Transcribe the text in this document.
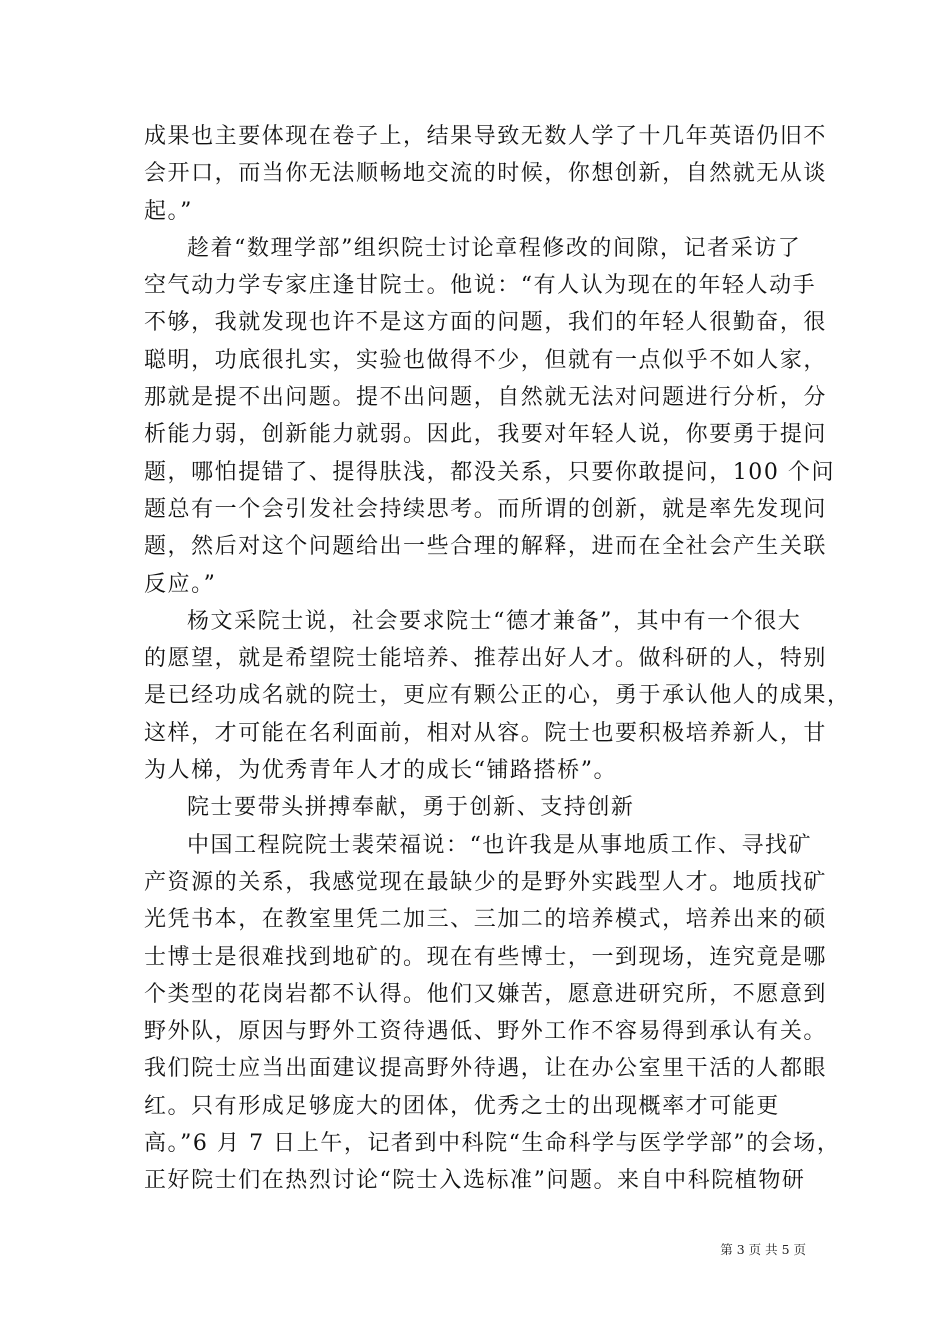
成果也主要体现在卷子上，结果导致无数人学了十几年英语仍旧不
会开口，而当你无法顺畅地交流的时候，你想创新，自然就无从谈
起。”
趁着“数理学部”组织院士讨论章程修改的间隙，记者采访了
空气动力学专家庄逢甘院士。他说：“有人认为现在的年轻人动手
不够，我就发现也许不是这方面的问题，我们的年轻人很勤奋，很
聪明，功底很扎实，实验也做得不少，但就有一点似乎不如人家，
那就是提不出问题。提不出问题，自然就无法对问题进行分析，分
析能力弱，创新能力就弱。因此，我要对年轻人说，你要勇于提问
题，哪怕提错了、提得肤浅，都没关系，只要你敢提问，100 个问
题总有一个会引发社会持续思考。而所谓的创新，就是率先发现问
题，然后对这个问题给出一些合理的解释，进而在全社会产生关联
反应。”
杨文采院士说，社会要求院士“德才兼备”，其中有一个很大
的愿望，就是希望院士能培养、推荐出好人才。做科研的人，特别
是已经功成名就的院士，更应有颗公正的心，勇于承认他人的成果，
这样，才可能在名利面前，相对从容。院士也要积极培养新人，甘
为人梯，为优秀青年人才的成长“铺路搭桥”。
院士要带头拼搏奉献，勇于创新、支持创新
中国工程院院士裴荣福说：“也许我是从事地质工作、寻找矿
产资源的关系，我感觉现在最缺少的是野外实践型人才。地质找矿
光凭书本，在教室里凭二加三、三加二的培养模式，培养出来的硕
士博士是很难找到地矿的。现在有些博士，一到现场，连究竟是哪
个类型的花岗岩都不认得。他们又嫌苦，愿意进研究所，不愿意到
野外队，原因与野外工资待遇低、野外工作不容易得到承认有关。
我们院士应当出面建议提高野外待遇，让在办公室里干活的人都眼
红。只有形成足够庞大的团体，优秀之士的出现概率才可能更
高。”6 月 7 日上午，记者到中科院“生命科学与医学学部”的会场，
正好院士们在热烈讨论“院士入选标准”问题。来自中科院植物研
第 3 页 共 5 页
